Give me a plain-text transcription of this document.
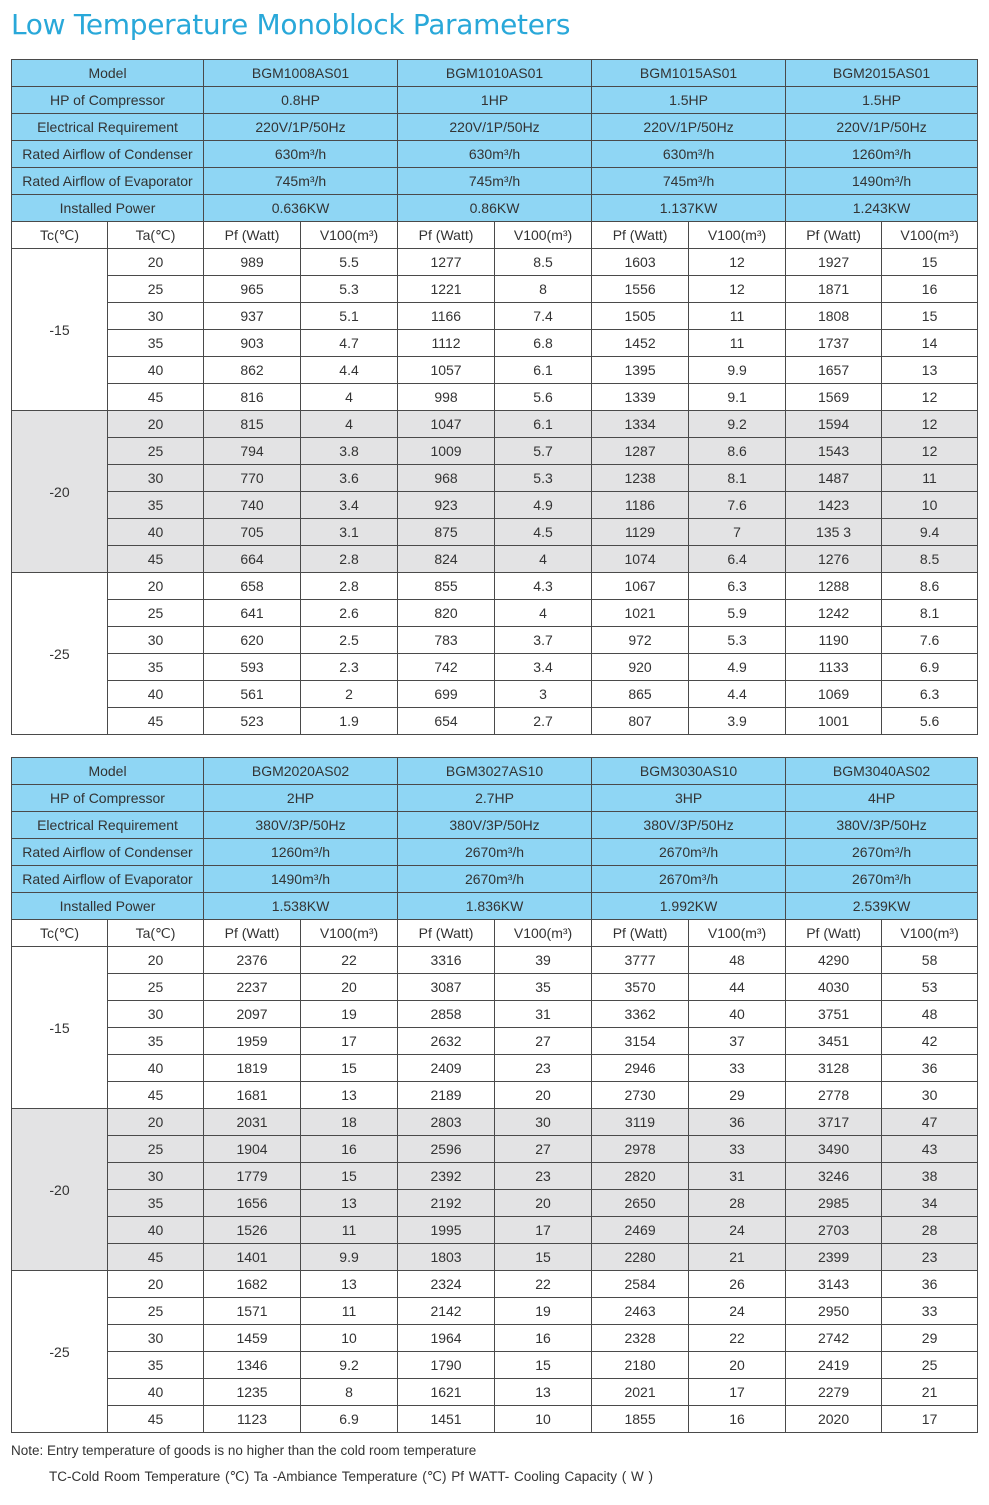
Low Temperature Monoblock Parameters
Model		BGM1008AS01		BGM1010AS01		BGM1015AS01		BGM2015AS01	
HP of Compressor		0.8HP		1HP		1.5HP		1.5HP	
Electrical Requirement		220V/1P/50Hz		220V/1P/50Hz		220V/1P/50Hz		220V/1P/50Hz	
Rated Airflow of Condenser		630m³/h		630m³/h		630m³/h		1260m³/h	
Rated Airflow of Evaporator		745m³/h		745m³/h		745m³/h		1490m³/h	
Installed Power		0.636KW		0.86KW		1.137KW		1.243KW	
Tc(℃)	Ta(℃)	Pf (Watt)	V100(m³)	Pf (Watt)	V100(m³)	Pf (Watt)	V100(m³)	Pf (Watt)	V100(m³)
-15	20	989	5.5	1277	8.5	1603	12	1927	15
	25	965	5.3	1221	8	1556	12	1871	16
	30	937	5.1	1166	7.4	1505	11	1808	15
	35	903	4.7	1112	6.8	1452	11	1737	14
	40	862	4.4	1057	6.1	1395	9.9	1657	13
	45	816	4	998	5.6	1339	9.1	1569	12
-20	20	815	4	1047	6.1	1334	9.2	1594	12
	25	794	3.8	1009	5.7	1287	8.6	1543	12
	30	770	3.6	968	5.3	1238	8.1	1487	11
	35	740	3.4	923	4.9	1186	7.6	1423	10
	40	705	3.1	875	4.5	1129	7	135 3	9.4
	45	664	2.8	824	4	1074	6.4	1276	8.5
-25	20	658	2.8	855	4.3	1067	6.3	1288	8.6
	25	641	2.6	820	4	1021	5.9	1242	8.1
	30	620	2.5	783	3.7	972	5.3	1190	7.6
	35	593	2.3	742	3.4	920	4.9	1133	6.9
	40	561	2	699	3	865	4.4	1069	6.3
	45	523	1.9	654	2.7	807	3.9	1001	5.6
Model		BGM2020AS02		BGM3027AS10		BGM3030AS10		BGM3040AS02	
HP of Compressor		2HP		2.7HP		3HP		4HP	
Electrical Requirement		380V/3P/50Hz		380V/3P/50Hz		380V/3P/50Hz		380V/3P/50Hz	
Rated Airflow of Condenser		1260m³/h		2670m³/h		2670m³/h		2670m³/h	
Rated Airflow of Evaporator		1490m³/h		2670m³/h		2670m³/h		2670m³/h	
Installed Power		1.538KW		1.836KW		1.992KW		2.539KW	
Tc(℃)	Ta(℃)	Pf (Watt)	V100(m³)	Pf (Watt)	V100(m³)	Pf (Watt)	V100(m³)	Pf (Watt)	V100(m³)
-15	20	2376	22	3316	39	3777	48	4290	58
	25	2237	20	3087	35	3570	44	4030	53
	30	2097	19	2858	31	3362	40	3751	48
	35	1959	17	2632	27	3154	37	3451	42
	40	1819	15	2409	23	2946	33	3128	36
	45	1681	13	2189	20	2730	29	2778	30
-20	20	2031	18	2803	30	3119	36	3717	47
	25	1904	16	2596	27	2978	33	3490	43
	30	1779	15	2392	23	2820	31	3246	38
	35	1656	13	2192	20	2650	28	2985	34
	40	1526	11	1995	17	2469	24	2703	28
	45	1401	9.9	1803	15	2280	21	2399	23
-25	20	1682	13	2324	22	2584	26	3143	36
	25	1571	11	2142	19	2463	24	2950	33
	30	1459	10	1964	16	2328	22	2742	29
	35	1346	9.2	1790	15	2180	20	2419	25
	40	1235	8	1621	13	2021	17	2279	21
	45	1123	6.9	1451	10	1855	16	2020	17
Note: Entry temperature of goods is no higher than the cold room temperature
TC-Cold Room Temperature (℃) Ta -Ambiance Temperature (℃) Pf WATT- Cooling Capacity ( W )
